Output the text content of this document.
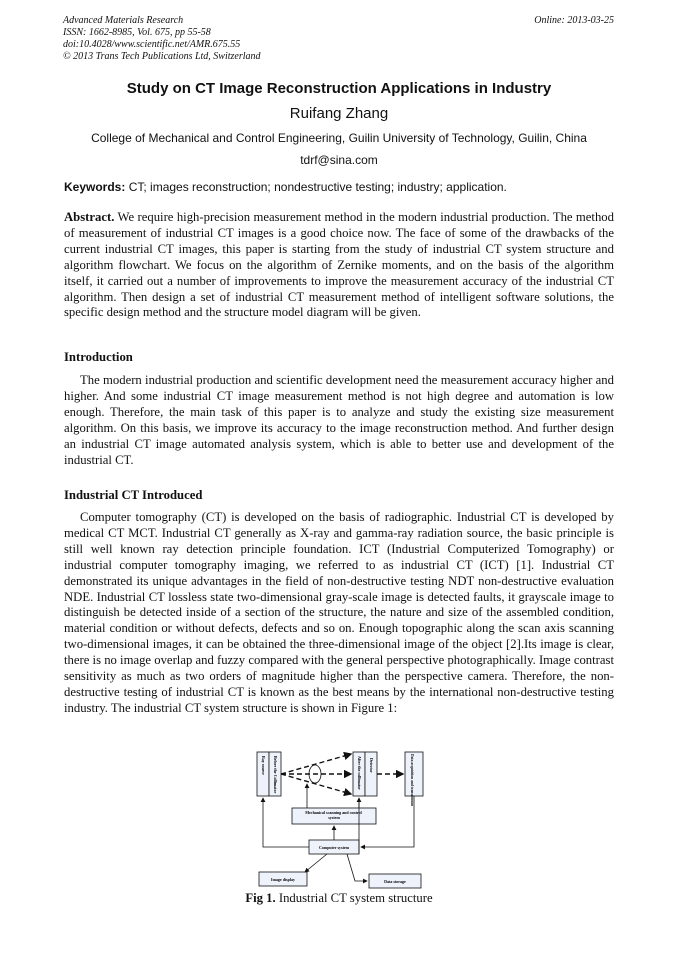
Advanced Materials Research
ISSN: 1662-8985, Vol. 675, pp 55-58
doi:10.4028/www.scientific.net/AMR.675.55
© 2013 Trans Tech Publications Ltd, Switzerland
Online: 2013-03-25
Study on CT Image Reconstruction Applications in Industry
Ruifang Zhang
College of Mechanical and Control Engineering, Guilin University of Technology, Guilin, China
tdrf@sina.com
Keywords: CT; images reconstruction; nondestructive testing; industry; application.

Abstract. We require high-precision measurement method in the modern industrial production. The method of measurement of industrial CT images is a good choice now. The face of some of the drawbacks of the current industrial CT images, this paper is starting from the study of industrial CT system structure and algorithm flowchart. We focus on the algorithm of Zernike moments, and on the basis of the algorithm itself, it carried out a number of improvements to improve the measurement accuracy of the industrial CT algorithm. Then design a set of industrial CT measurement method of intelligent software solutions, the specific design method and the structure model diagram will be given.

Introduction

The modern industrial production and scientific development need the measurement accuracy higher and higher. And some industrial CT image measurement method is not high degree and automation is low enough. Therefore, the main task of this paper is to analyze and study the existing size measurement algorithm. On this basis, we improve its accuracy to the image reconstruction method. And further design an industrial CT image automated analysis system, which is able to better use and development of the industrial CT.

Industrial CT Introduced

Computer tomography (CT) is developed on the basis of radiographic. Industrial CT is developed by medical CT MCT. Industrial CT generally as X-ray and gamma-ray radiation source, the basic principle is still well known ray detection principle foundation. ICT (Industrial Computerized Tomography) or industrial computer tomography imaging, we referred to as industrial CT (ICT) [1]. Industrial CT demonstrated its unique advantages in the field of non-destructive testing NDT non-destructive evaluation NDE. Industrial CT lossless state two-dimensional gray-scale image is detected faults, it grayscale image to distinguish be detected inside of a section of the structure, the nature and size of the assembled condition, material condition or without defects, defects and so on. Enough topographic along the scan axis scanning two-dimensional images, it can be obtained the three-dimensional image of the object [2].Its image is clear, there is no image overlap and fuzzy compared with the general perspective photographically. Image contrast sensitivity as much as two orders of magnitude higher than the perspective camera. Therefore, the non-destructive testing of industrial CT is known as the best means by the international non-destructive testing industry. The industrial CT system structure is shown in Figure 1:

Ray source Before the Collimator	After the collimator Detector	Data acquisition and transmission
Mechanical scanning and control system
Computer system
Image display	Data storage
Fig 1. Industrial CT system structure
